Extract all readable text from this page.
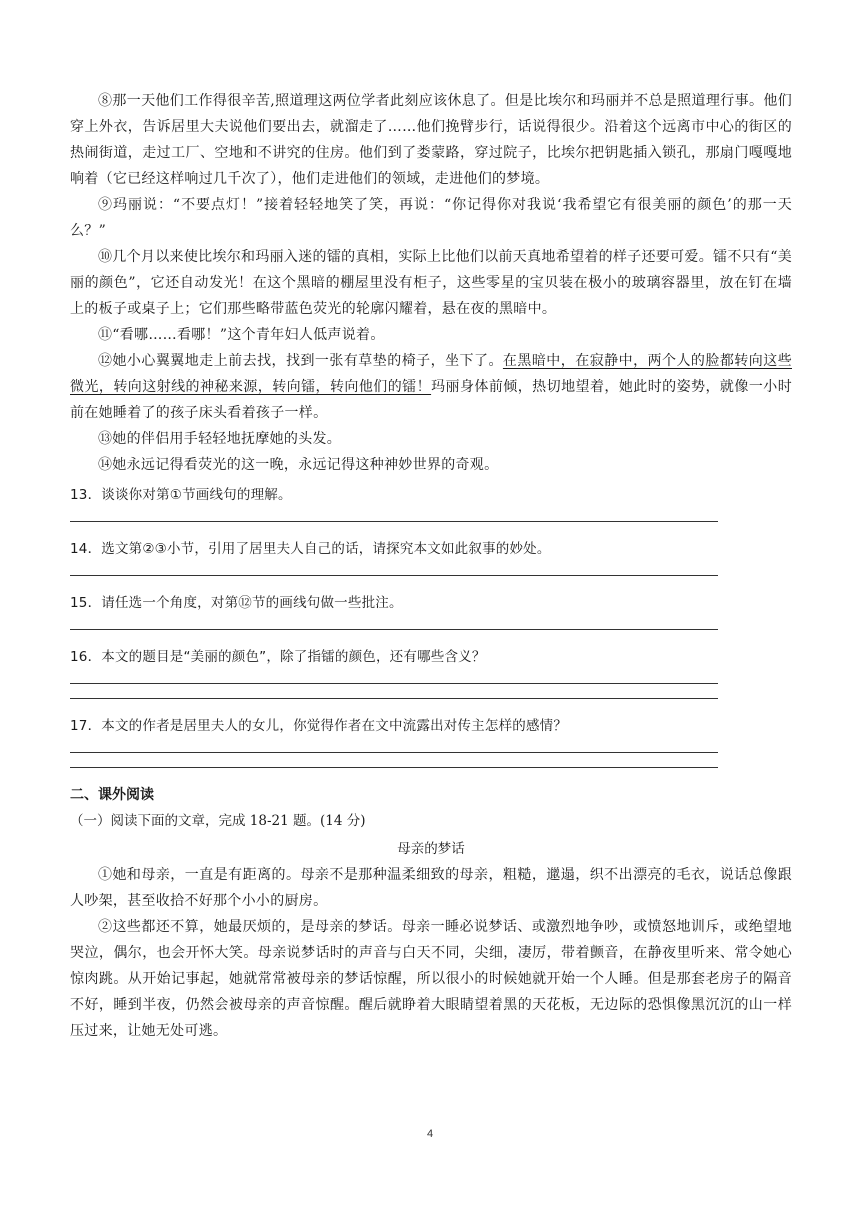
⑧那一天他们工作得很辛苦,照道理这两位学者此刻应该休息了。但是比埃尔和玛丽并不总是照道理行事。他们穿上外衣，告诉居里大夫说他们要出去，就溜走了……他们挽臂步行，话说得很少。沿着这个远离市中心的街区的热闹街道，走过工厂、空地和不讲究的住房。他们到了娄蒙路，穿过院子，比埃尔把钥匙插入锁孔，那扇门嘎嘎地响着（它已经这样响过几千次了），他们走进他们的领域，走进他们的梦境。

⑨玛丽说：“不要点灯！”接着轻轻地笑了笑，再说：“你记得你对我说‘我希望它有很美丽的颜色’的那一天么？”

⑩几个月以来使比埃尔和玛丽入迷的镭的真相，实际上比他们以前天真地希望着的样子还要可爱。镭不只有“美丽的颜色”，它还自动发光！在这个黑暗的棚屋里没有柜子，这些零星的宝贝装在极小的玻璃容器里，放在钉在墙上的板子或桌子上；它们那些略带蓝色荧光的轮廓闪耀着，悬在夜的黑暗中。

⑪“看哪……看哪！”这个青年妇人低声说着。

⑫她小心翼翼地走上前去找，找到一张有草垫的椅子，坐下了。在黑暗中，在寂静中，两个人的脸都转向这些微光，转向这射线的神秘来源，转向镭，转向他们的镭！玛丽身体前倾，热切地望着，她此时的姿势，就像一小时前在她睡着了的孩子床头看着孩子一样。

⑬她的伴侣用手轻轻地抚摩她的头发。

⑭她永远记得看荧光的这一晚，永远记得这种神妙世界的奇观。

13．谈谈你对第①节画线句的理解。

14．选文第②③小节，引用了居里夫人自己的话，请探究本文如此叙事的妙处。

15．请任选一个角度，对第⑫节的画线句做一些批注。

16．本文的题目是“美丽的颜色”，除了指镭的颜色，还有哪些含义？

17．本文的作者是居里夫人的女儿，你觉得作者在文中流露出对传主怎样的感情？

二、课外阅读

（一）阅读下面的文章，完成 18-21 题。(14 分)

母亲的梦话

①她和母亲，一直是有距离的。母亲不是那种温柔细致的母亲，粗糙，邋遢，织不出漂亮的毛衣，说话总像跟人吵架，甚至收拾不好那个小小的厨房。

②这些都还不算，她最厌烦的，是母亲的梦话。母亲一睡必说梦话、或激烈地争吵，或愤怒地训斥，或绝望地哭泣，偶尔，也会开怀大笑。母亲说梦话时的声音与白天不同，尖细，凄厉，带着颤音，在静夜里听来、常令她心惊肉跳。从开始记事起，她就常常被母亲的梦话惊醒，所以很小的时候她就开始一个人睡。但是那套老房子的隔音不好，睡到半夜，仍然会被母亲的声音惊醒。醒后就睁着大眼睛望着黑的天花板，无边际的恐惧像黑沉沉的山一样压过来，让她无处可逃。

4
